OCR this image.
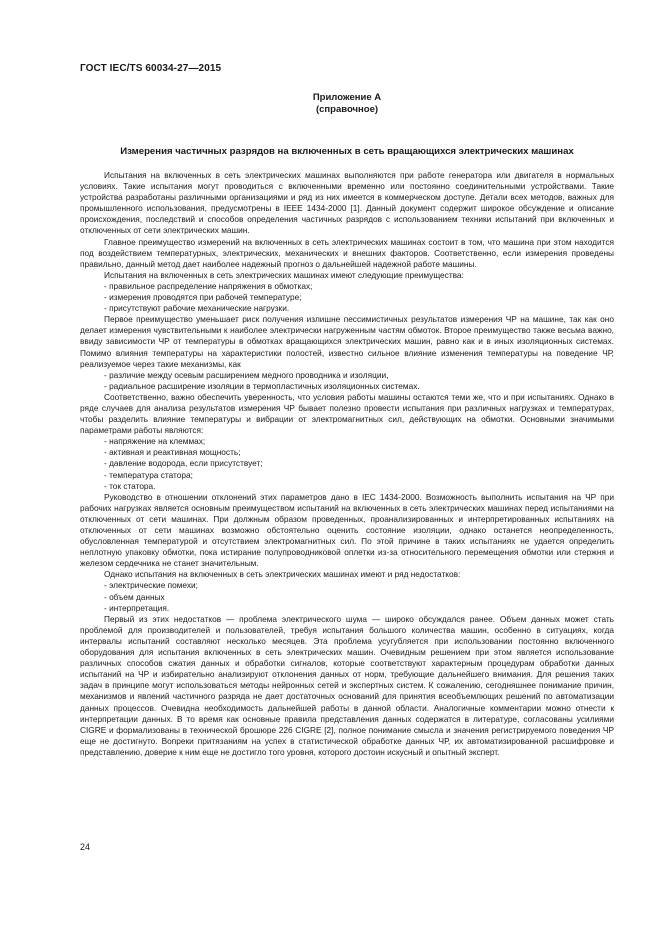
ГОСТ IEC/TS 60034-27—2015
Приложение А
(справочное)
Измерения частичных разрядов на включенных в сеть вращающихся электрических машинах

Испытания на включенных в сеть электрических машинах выполняются при работе генератора или двигателя в нормальных условиях. Такие испытания могут проводиться с включенными временно или постоянно соединительными устройствами. Такие устройства разработаны различными организациями и ряд из них имеется в коммерческом доступе. Детали всех методов, важных для промышленного использования, предусмотрены в IEEE 1434-2000 [1]. Данный документ содержит широкое обсуждение и описание происхождения, последствий и способов определения частичных разрядов с использованием техники испытаний при включенных и отключенных от сети электрических машин.

Главное преимущество измерений на включенных в сеть электрических машинах состоит в том, что машина при этом находится под воздействием температурных, электрических, механических и внешних факторов. Соответственно, если измерения проведены правильно, данный метод дает наиболее надежный прогноз о дальнейшей надежной работе машины.

Испытания на включенных в сеть электрических машинах имеют следующие преимущества:

- правильное распределение напряжения в обмотках;

- измерения проводятся при рабочей температуре;

- присутствуют рабочие механические нагрузки.

Первое преимущество уменьшает риск получения излишне пессимистичных результатов измерения ЧР на машине, так как оно делает измерения чувствительными к наиболее электрически нагруженным частям обмоток. Второе преимущество также весьма важно, ввиду зависимости ЧР от температуры в обмотках вращающихся электрических машин, равно как и в иных изоляционных системах. Помимо влияния температуры на характеристики полостей, известно сильное влияние изменения температуры на поведение ЧР, реализуемое через такие механизмы, как

- различие между осевым расширением медного проводника и изоляции,

- радиальное расширение изоляции в термопластичных изоляционных системах.

Соответственно, важно обеспечить уверенность, что условия работы машины остаются теми же, что и при испытаниях. Однако в ряде случаев для анализа результатов измерения ЧР бывает полезно провести испытания при различных нагрузках и температурах, чтобы разделить влияние температуры и вибрации от электромагнитных сил, действующих на обмотки. Основными значимыми параметрами работы являются:

- напряжение на клеммах;

- активная и реактивная мощность;

- давление водорода, если присутствует;

- температура статора;

- ток статора.

Руководство в отношении отклонений этих параметров дано в IEC 1434-2000. Возможность выполнить испытания на ЧР при рабочих нагрузках является основным преимуществом испытаний на включенных в сеть электрических машинах перед испытаниями на отключенных от сети машинах. При должным образом проведенных, проанализированных и интерпретированных испытаниях на отключенных от сети машинах возможно обстоятельно оценить состояние изоляции, однако останется неопределенность, обусловленная температурой и отсутствием электромагнитных сил. По этой причине в таких испытаниях не удается определить неплотную упаковку обмотки, пока истирание полупроводниковой оплетки из-за относительного перемещения обмотки или стержня и железом сердечника не станет значительным.

Однако испытания на включенных в сеть электрических машинах имеют и ряд недостатков:

- электрические помехи;

- объем данных

- интерпретация.

Первый из этих недостатков — проблема электрического шума — широко обсуждался ранее. Объем данных может стать проблемой для производителей и пользователей, требуя испытания большого количества машин, особенно в ситуациях, когда интервалы испытаний составляют несколько месяцев. Эта проблема усугубляется при использовании постоянно включенного оборудования для испытания включенных в сеть электрических машин. Очевидным решением при этом является использование различных способов сжатия данных и обработки сигналов, которые соответствуют характерным процедурам обработки данных испытаний на ЧР и избирательно анализируют отклонения данных от норм, требующие дальнейшего внимания. Для решения таких задач в принципе могут использоваться методы нейронных сетей и экспертных систем. К сожалению, сегодняшнее понимание причин, механизмов и явлений частичного разряда не дает достаточных оснований для принятия всеобъемлющих решений по автоматизации данных процессов. Очевидна необходимость дальнейшей работы в данной области. Аналогичные комментарии можно отнести к интерпретации данных. В то время как основные правила представления данных содержатся в литературе, согласованы усилиями CIGRE и формализованы в технической брошюре 226 CIGRE [2], полное понимание смысла и значения регистрируемого поведения ЧР еще не достигнуто. Вопреки притязаниям на успех в статистической обработке данных ЧР, их автоматизированной расшифровке и представлению, доверие к ним еще не достигло того уровня, которого достоин искусный и опытный эксперт.

24
